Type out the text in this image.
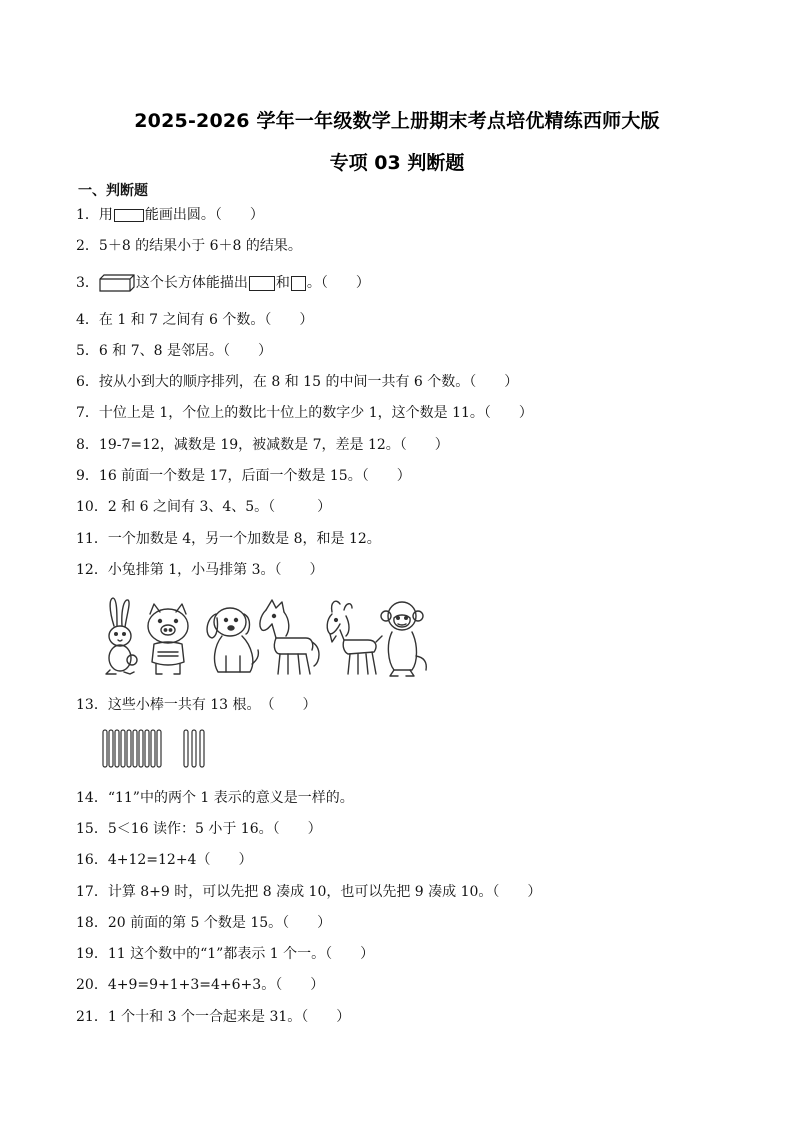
2025-2026 学年一年级数学上册期末考点培优精练西师大版
专项 03 判断题
一、判断题
1．用 能画出圆。（　　）
2．5＋8 的结果小于 6＋8 的结果。
3．	这个长方体能描出 和 。（　　）
4．在 1 和 7 之间有 6 个数。（　　）
5．6 和 7、8 是邻居。（　　）
6．按从小到大的顺序排列，在 8 和 15 的中间一共有 6 个数。（　　）
7．十位上是 1，个位上的数比十位上的数字少 1，这个数是 11。（　　）
8．19-7=12，减数是 19，被减数是 7，差是 12。（　　）
9．16 前面一个数是 17，后面一个数是 15。（　　）
10．2 和 6 之间有 3、4、5。（　　　）
11．一个加数是 4，另一个加数是 8，和是 12。
12．小兔排第 1，小马排第 3。（　　）
13．这些小棒一共有 13 根。　（　　）
14．“11”中的两个 1 表示的意义是一样的。
15．5＜16 读作：5 小于 16。（　　）
16．4+12=12+4（　　）
17．计算 8+9 时，可以先把 8 凑成 10，也可以先把 9 凑成 10。（　　）
18．20 前面的第 5 个数是 15。（　　）
19．11 这个数中的“1”都表示 1 个一。（　　）
20．4+9=9+1+3=4+6+3。（　　）
21．1 个十和 3 个一合起来是 31。（　　）
